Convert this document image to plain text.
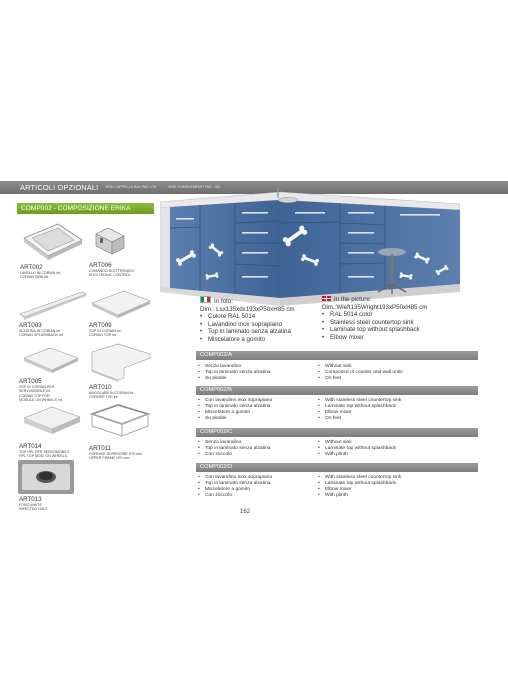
ARTICOLI OPZIONALI VEDI CAPPELLA RAL PAG.176	VEDI COMPLEMENTI PAG. 160
COMP002 - COMPOSIZIONE ERIKA
ART002
LAVELLO IN CORIAN int
CORIAN SINK int
ART006
COMANDO ELETTRONICO
ELECTRONIC CONTROL
ART003
ALZATINA IN CORIAN int
CORIAN SPLASHBACK int
ART009
TOP IN CORIAN int
CORIAN TOP int
ART005
TOP IN CORIAN PER
SERVOMOBILE int
CORIAN TOP FOR
MODULE ON WHEELS int
ART010
ANGOLARE IN CORIAN int
CORNER TOP int
ART014
TOP HPL PER SERVOMOBILE
HPL TOP MOD. ON WHEELS
ART011
CORNICE SUPERIORE H70 mm
UPPER FRAME H70 mm
ART013
FORO WHITE
INFECTED HOLE
In foto:
Dim.: Lsx135xdx193xP50xH85 cm
• Colore RAL 5014
• Lavandino inox soprapiano
• Top in laminato senza alzatina
• Miscelatore a gomito
In the picture:
Dim.:Wleft135Wright193xP50xH85 cm
• RAL 5014 color
• Stainless steel countertop sink
• Laminate top without splashback
• Elbow mixer
COMP002/A
• Senza lavandino
• Top in laminato senza alzatina
• Su piedini
• Without sink
• Composed of counter and wall units
• On feet
COMP002/B
• Con lavandino inox soprapiano
• Top in laminato senza alzatina
• Miscelatore a gomito
• Su piedini
• With stainless steel countertop sink
• Laminate top without splashback
• Elbow mixer
• On feet
COMP002/C
• Senza lavandino
• Top in laminato senza alzatina
• Con zoccolo
• Without sink
• Laminate top without splashback
• With plinth
COMP002/D
• Con lavandino inox soprapiano
• Top in laminato senza alzatina
• Miscelatore a gomito
• Con zoccolo
• With stainless steel countertop sink
• Laminate top without splashback
• Elbow mixer
• With plinth
162
